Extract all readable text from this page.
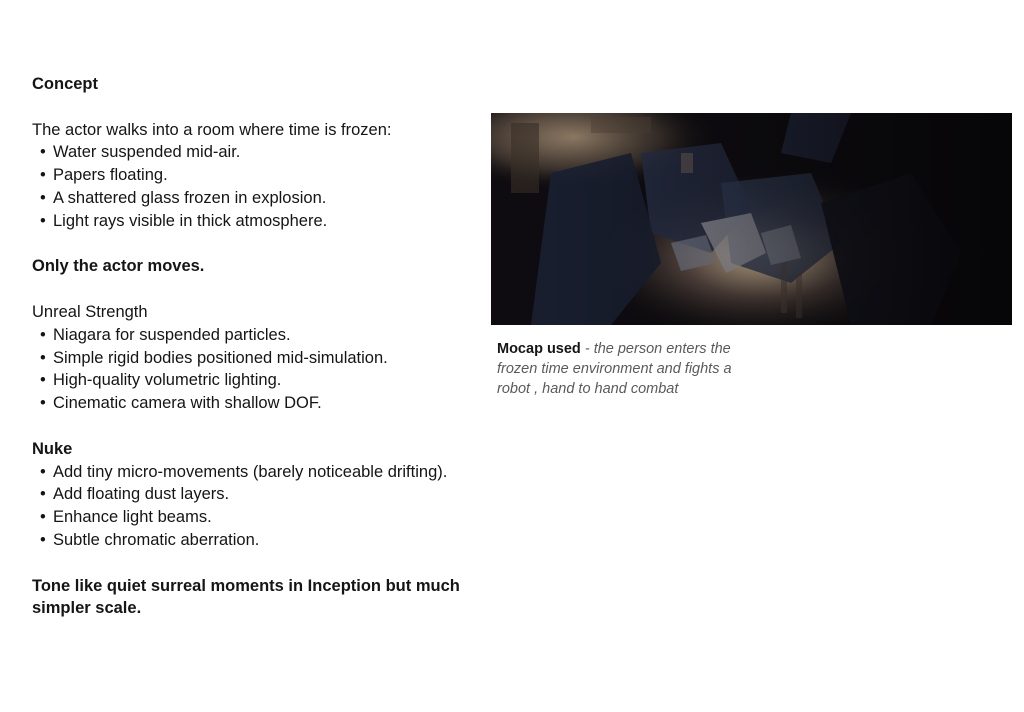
Concept

The actor walks into a room where time is frozen:

• Water suspended mid-air.
• Papers floating.
• A shattered glass frozen in explosion.
• Light rays visible in thick atmosphere.

Only the actor moves.

Unreal Strength

• Niagara for suspended particles.
• Simple rigid bodies positioned mid-simulation.
• High-quality volumetric lighting.
• Cinematic camera with shallow DOF.

Nuke

• Add tiny micro-movements (barely noticeable drifting).
• Add floating dust layers.
• Enhance light beams.
• Subtle chromatic aberration.

Tone like quiet surreal moments in Inception but much simpler scale.

Mocap used - the person enters the frozen time environment and fights a robot , hand to hand combat
